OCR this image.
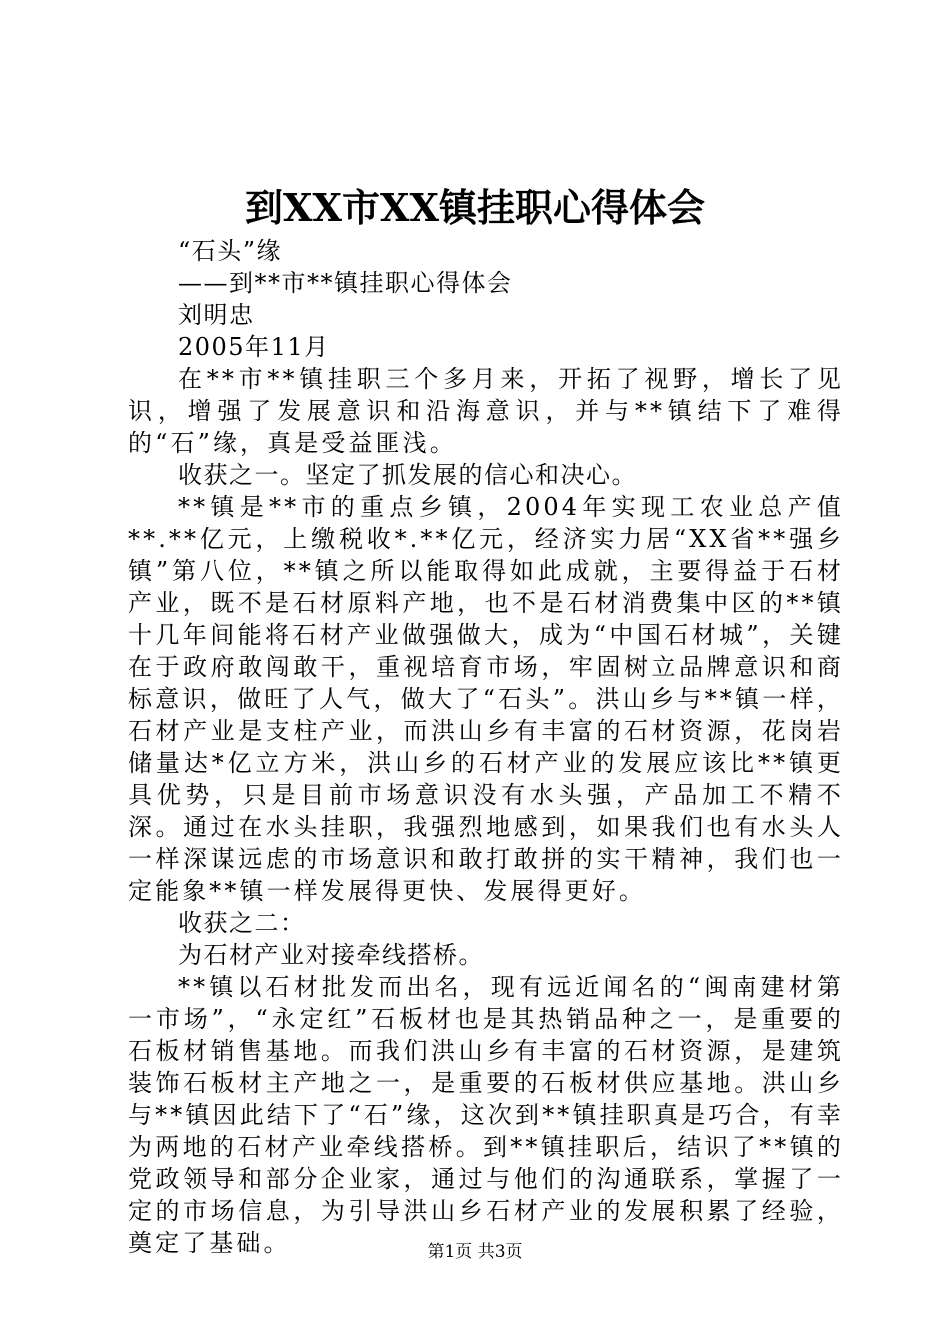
到XX市XX镇挂职心得体会
“石头”缘
——到**市**镇挂职心得体会
刘明忠
2005年11月
在**市**镇挂职三个多月来，开拓了视野，增长了见识，增强了发展意识和沿海意识，并与**镇结下了难得的“石”缘，真是受益匪浅。
收获之一。坚定了抓发展的信心和决心。
**镇是**市的重点乡镇，2004年实现工农业总产值**.**亿元，上缴税收*.**亿元，经济实力居“XX省**强乡镇”第八位，**镇之所以能取得如此成就，主要得益于石材产业，既不是石材原料产地，也不是石材消费集中区的**镇十几年间能将石材产业做强做大，成为“中国石材城”，关键在于政府敢闯敢干，重视培育市场，牢固树立品牌意识和商标意识，做旺了人气，做大了“石头”。洪山乡与**镇一样，石材产业是支柱产业，而洪山乡有丰富的石材资源，花岗岩储量达*亿立方米，洪山乡的石材产业的发展应该比**镇更具优势，只是目前市场意识没有水头强，产品加工不精不深。通过在水头挂职，我强烈地感到，如果我们也有水头人一样深谋远虑的市场意识和敢打敢拼的实干精神，我们也一定能象**镇一样发展得更快、发展得更好。
收获之二：
为石材产业对接牵线搭桥。
**镇以石材批发而出名，现有远近闻名的“闽南建材第一市场”，“永定红”石板材也是其热销品种之一，是重要的石板材销售基地。而我们洪山乡有丰富的石材资源，是建筑装饰石板材主产地之一，是重要的石板材供应基地。洪山乡与**镇因此结下了“石”缘，这次到**镇挂职真是巧合，有幸为两地的石材产业牵线搭桥。到**镇挂职后，结识了**镇的党政领导和部分企业家，通过与他们的沟通联系，掌握了一定的市场信息，为引导洪山乡石材产业的发展积累了经验，奠定了基础。	第1页 共3页
